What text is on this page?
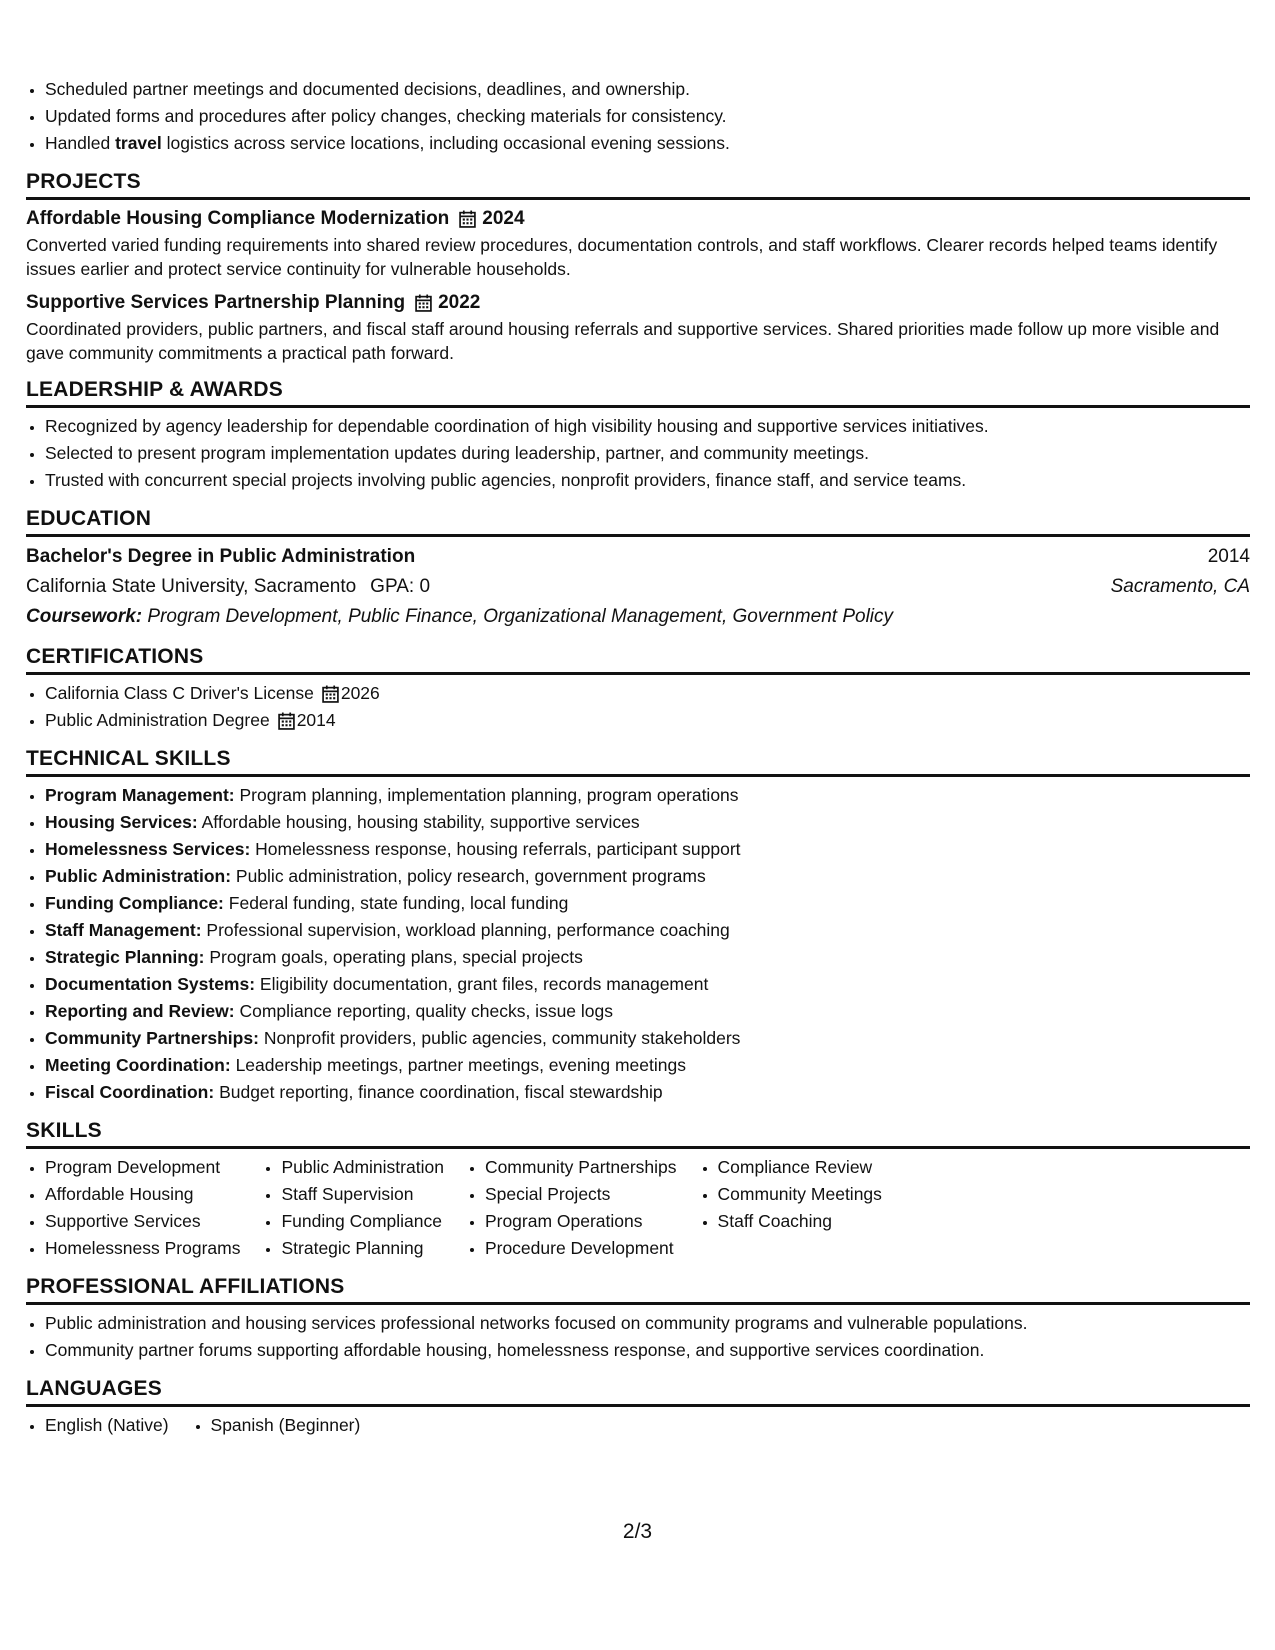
• Scheduled partner meetings and documented decisions, deadlines, and ownership.
• Updated forms and procedures after policy changes, checking materials for consistency.
• Handled travel logistics across service locations, including occasional evening sessions.
PROJECTS
Affordable Housing Compliance Modernization 2024
Converted varied funding requirements into shared review procedures, documentation controls, and staff workflows. Clearer records helped teams identify issues earlier and protect service continuity for vulnerable households.
Supportive Services Partnership Planning 2022
Coordinated providers, public partners, and fiscal staff around housing referrals and supportive services. Shared priorities made follow up more visible and gave community commitments a practical path forward.
LEADERSHIP & AWARDS
• Recognized by agency leadership for dependable coordination of high visibility housing and supportive services initiatives.
• Selected to present program implementation updates during leadership, partner, and community meetings.
• Trusted with concurrent special projects involving public agencies, nonprofit providers, finance staff, and service teams.
EDUCATION
Bachelor's Degree in Public Administration	2014
California State University, Sacramento GPA: 0	Sacramento, CA
Coursework: Program Development, Public Finance, Organizational Management, Government Policy
CERTIFICATIONS
• California Class C Driver's License 2026
• Public Administration Degree 2014
TECHNICAL SKILLS
• Program Management: Program planning, implementation planning, program operations
• Housing Services: Affordable housing, housing stability, supportive services
• Homelessness Services: Homelessness response, housing referrals, participant support
• Public Administration: Public administration, policy research, government programs
• Funding Compliance: Federal funding, state funding, local funding
• Staff Management: Professional supervision, workload planning, performance coaching
• Strategic Planning: Program goals, operating plans, special projects
• Documentation Systems: Eligibility documentation, grant files, records management
• Reporting and Review: Compliance reporting, quality checks, issue logs
• Community Partnerships: Nonprofit providers, public agencies, community stakeholders
• Meeting Coordination: Leadership meetings, partner meetings, evening meetings
• Fiscal Coordination: Budget reporting, finance coordination, fiscal stewardship
SKILLS
• Program Development
• Affordable Housing
• Supportive Services
• Homelessness Programs
• Public Administration
• Staff Supervision
• Funding Compliance
• Strategic Planning
• Community Partnerships
• Special Projects
• Program Operations
• Procedure Development
• Compliance Review
• Community Meetings
• Staff Coaching
PROFESSIONAL AFFILIATIONS
• Public administration and housing services professional networks focused on community programs and vulnerable populations.
• Community partner forums supporting affordable housing, homelessness response, and supportive services coordination.
LANGUAGES
• English (Native)
• Spanish (Beginner)
2/3
